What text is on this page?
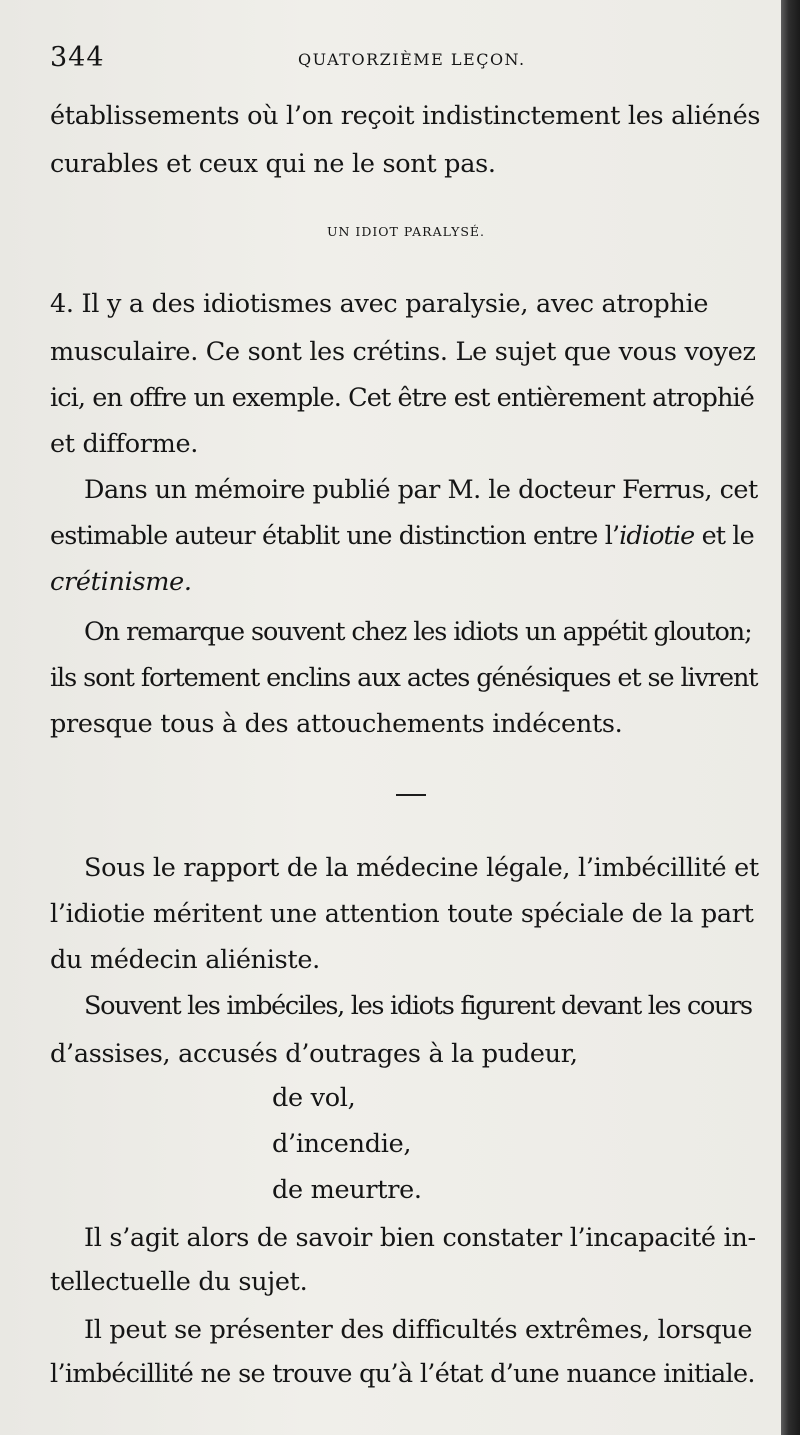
344	QUATORZIÈME LEÇON.
établissements où l’on reçoit indistinctement les aliénés
curables et ceux qui ne le sont pas.
UN IDIOT PARALYSÉ.
4. Il y a des idiotismes avec paralysie, avec atrophie
musculaire. Ce sont les crétins. Le sujet que vous voyez
ici, en offre un exemple. Cet être est entièrement atrophié
et difforme.
Dans un mémoire publié par M. le docteur Ferrus, cet
estimable auteur établit une distinction entre l’idiotie et le
crétinisme.
On remarque souvent chez les idiots un appétit glouton;
ils sont fortement enclins aux actes génésiques et se livrent
presque tous à des attouchements indécents.
Sous le rapport de la médecine légale, l’imbécillité et
l’idiotie méritent une attention toute spéciale de la part
du médecin aliéniste.
Souvent les imbéciles, les idiots figurent devant les cours
d’assises, accusés d’outrages à la pudeur,
de vol,
d’incendie,
de meurtre.
Il s’agit alors de savoir bien constater l’incapacité in-
tellectuelle du sujet.
Il peut se présenter des difficultés extrêmes, lorsque
l’imbécillité ne se trouve qu’à l’état d’une nuance initiale.
